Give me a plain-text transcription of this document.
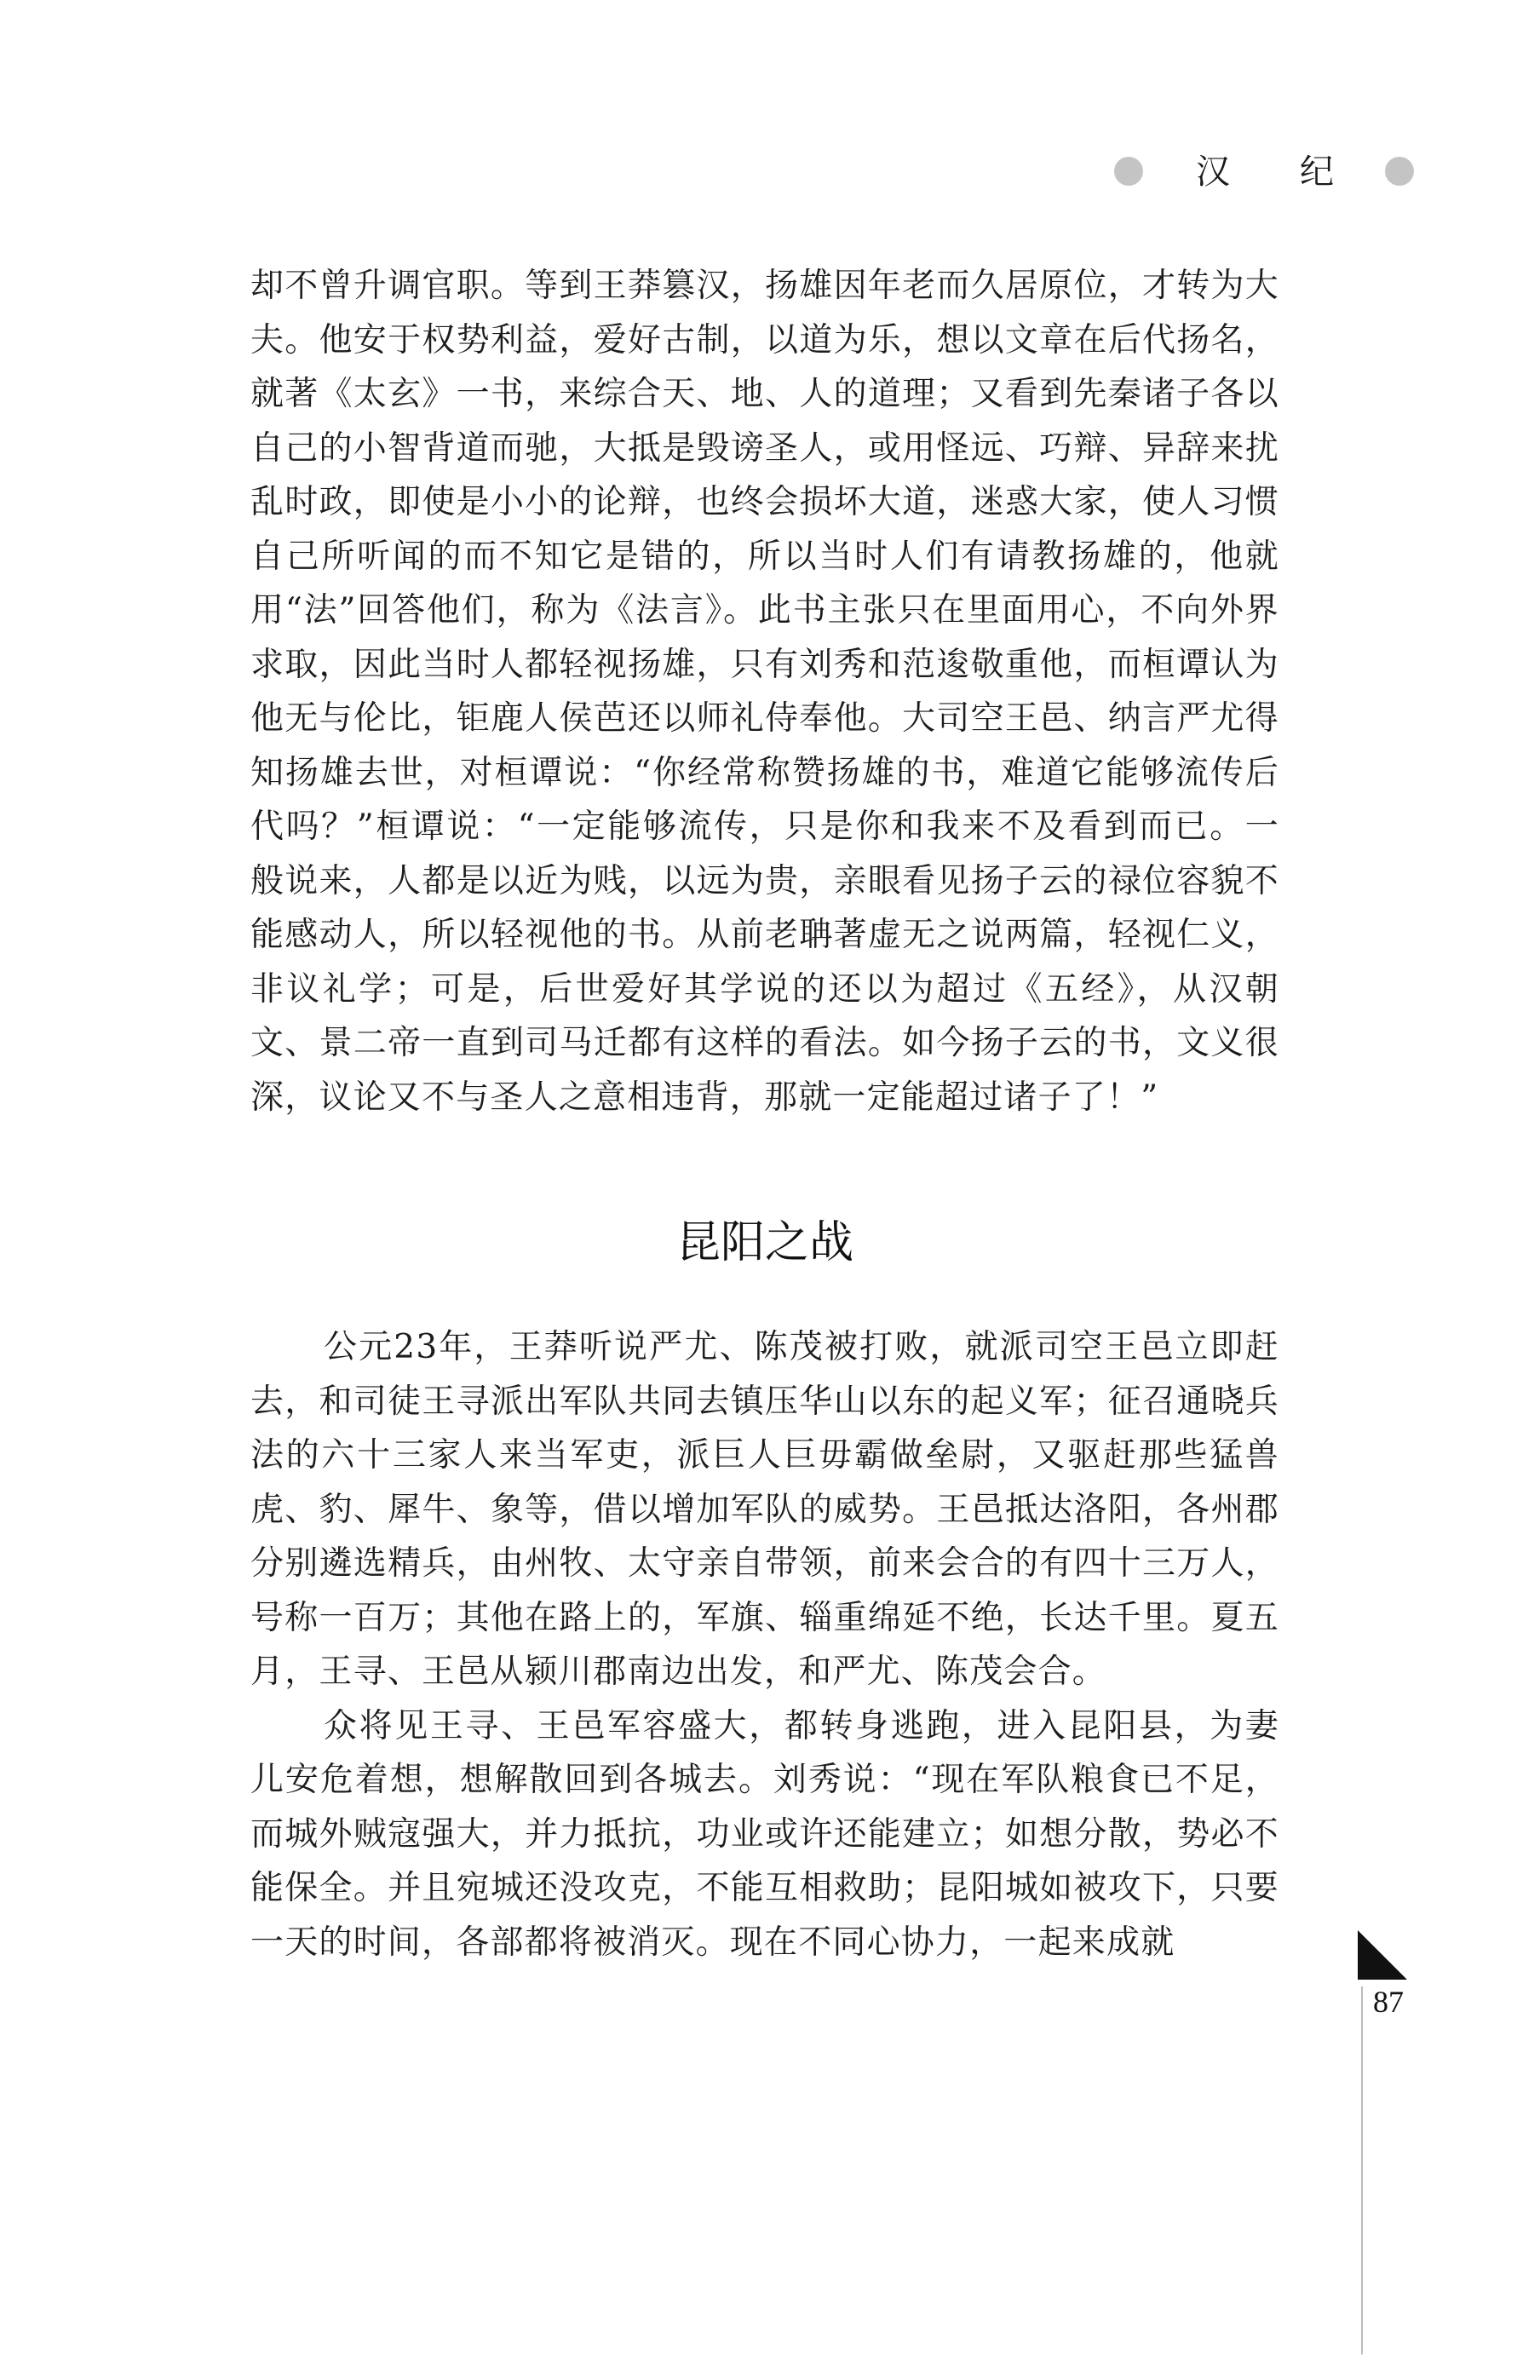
汉 纪

却不曾升调官职。等到王莽篡汉，扬雄因年老而久居原位，才转为大夫。他安于权势利益，爱好古制，以道为乐，想以文章在后代扬名，就著《太玄》一书，来综合天、地、人的道理；又看到先秦诸子各以自己的小智背道而驰，大抵是毁谤圣人，或用怪远、巧辩、异辞来扰乱时政，即使是小小的论辩，也终会损坏大道，迷惑大家，使人习惯自己所听闻的而不知它是错的，所以当时人们有请教扬雄的，他就用“法”回答他们，称为《法言》。此书主张只在里面用心，不向外界求取，因此当时人都轻视扬雄，只有刘秀和范逡敬重他，而桓谭认为他无与伦比，钜鹿人侯芭还以师礼侍奉他。大司空王邑、纳言严尤得知扬雄去世，对桓谭说：“你经常称赞扬雄的书，难道它能够流传后代吗？”桓谭说：“一定能够流传，只是你和我来不及看到而已。一般说来，人都是以近为贱，以远为贵，亲眼看见扬子云的禄位容貌不能感动人，所以轻视他的书。从前老聃著虚无之说两篇，轻视仁义，非议礼学；可是，后世爱好其学说的还以为超过《五经》，从汉朝文、景二帝一直到司马迁都有这样的看法。如今扬子云的书，文义很深，议论又不与圣人之意相违背，那就一定能超过诸子了！”

昆阳之战

公元23年，王莽听说严尤、陈茂被打败，就派司空王邑立即赶去，和司徒王寻派出军队共同去镇压华山以东的起义军；征召通晓兵法的六十三家人来当军吏，派巨人巨毋霸做垒尉，又驱赶那些猛兽虎、豹、犀牛、象等，借以增加军队的威势。王邑抵达洛阳，各州郡分别遴选精兵，由州牧、太守亲自带领，前来会合的有四十三万人，号称一百万；其他在路上的，军旗、辎重绵延不绝，长达千里。夏五月，王寻、王邑从颍川郡南边出发，和严尤、陈茂会合。

众将见王寻、王邑军容盛大，都转身逃跑，进入昆阳县，为妻儿安危着想，想解散回到各城去。刘秀说：“现在军队粮食已不足，而城外贼寇强大，并力抵抗，功业或许还能建立；如想分散，势必不能保全。并且宛城还没攻克，不能互相救助；昆阳城如被攻下，只要一天的时间，各部都将被消灭。现在不同心协力，一起来成就

87
